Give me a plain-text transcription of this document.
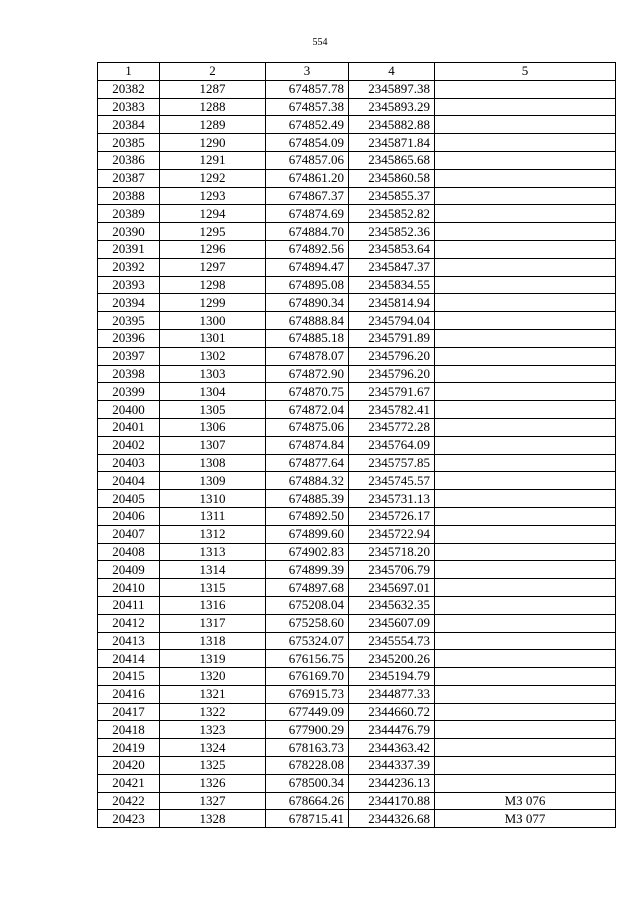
554
1	2	3	4	5
20382	1287	674857.78	2345897.38	
20383	1288	674857.38	2345893.29	
20384	1289	674852.49	2345882.88	
20385	1290	674854.09	2345871.84	
20386	1291	674857.06	2345865.68	
20387	1292	674861.20	2345860.58	
20388	1293	674867.37	2345855.37	
20389	1294	674874.69	2345852.82	
20390	1295	674884.70	2345852.36	
20391	1296	674892.56	2345853.64	
20392	1297	674894.47	2345847.37	
20393	1298	674895.08	2345834.55	
20394	1299	674890.34	2345814.94	
20395	1300	674888.84	2345794.04	
20396	1301	674885.18	2345791.89	
20397	1302	674878.07	2345796.20	
20398	1303	674872.90	2345796.20	
20399	1304	674870.75	2345791.67	
20400	1305	674872.04	2345782.41	
20401	1306	674875.06	2345772.28	
20402	1307	674874.84	2345764.09	
20403	1308	674877.64	2345757.85	
20404	1309	674884.32	2345745.57	
20405	1310	674885.39	2345731.13	
20406	1311	674892.50	2345726.17	
20407	1312	674899.60	2345722.94	
20408	1313	674902.83	2345718.20	
20409	1314	674899.39	2345706.79	
20410	1315	674897.68	2345697.01	
20411	1316	675208.04	2345632.35	
20412	1317	675258.60	2345607.09	
20413	1318	675324.07	2345554.73	
20414	1319	676156.75	2345200.26	
20415	1320	676169.70	2345194.79	
20416	1321	676915.73	2344877.33	
20417	1322	677449.09	2344660.72	
20418	1323	677900.29	2344476.79	
20419	1324	678163.73	2344363.42	
20420	1325	678228.08	2344337.39	
20421	1326	678500.34	2344236.13	
20422	1327	678664.26	2344170.88	МЗ 076
20423	1328	678715.41	2344326.68	МЗ 077
